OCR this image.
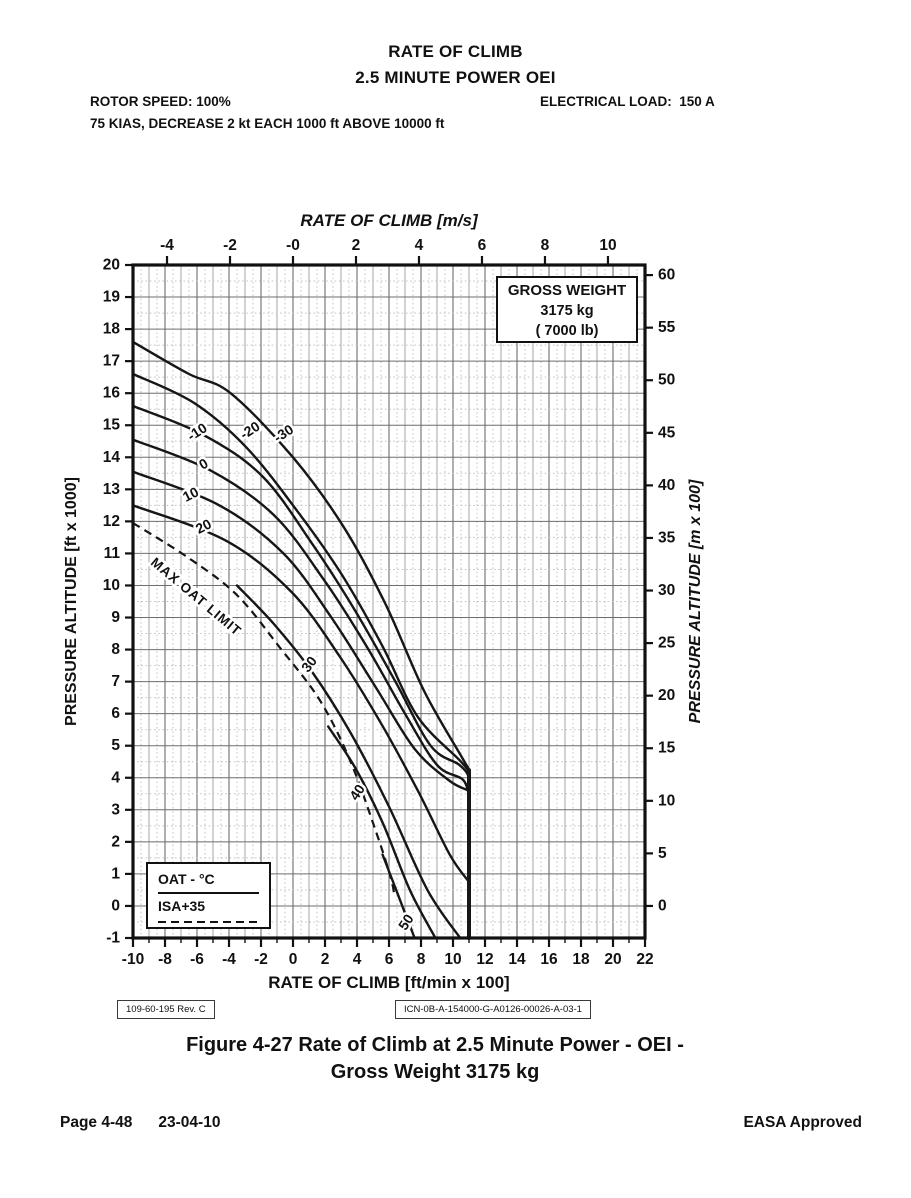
RATE OF CLIMB
2.5 MINUTE POWER OEI
ROTOR SPEED: 100%
75 KIAS, DECREASE 2 kt EACH 1000 ft ABOVE 10000 ft
ELECTRICAL LOAD:  150 A
20
19
18
17
16
15
14
13
12
11
10
9
8
7
6
5
4
3
2
1
0
-1
-10 -8 -6 -4 -2 0 2 4 6 8 10 12 14 16 18 20 22
-4	-2	-0	2	4	6	8	10
60
55
50
45
40
35
30
25
20
15
10
5
0
RATE OF CLIMB [m/s]
RATE OF CLIMB [ft/min x 100]
PRESSURE ALTITUDE [ft x 1000]	PRESSURE ALTITUDE [m x 100]
-30
-20
-10
0
10
20
30
40
50
MAX OAT LIMIT
GROSS WEIGHT
3175 kg
( 7000 lb)
OAT - °C
ISA+35
109-60-195 Rev. C	ICN-0B-A-154000-G-A0126-00026-A-03-1
Figure 4-27 Rate of Climb at 2.5 Minute Power - OEI -
Gross Weight 3175 kg
Page 4-48 23-04-10	EASA Approved
